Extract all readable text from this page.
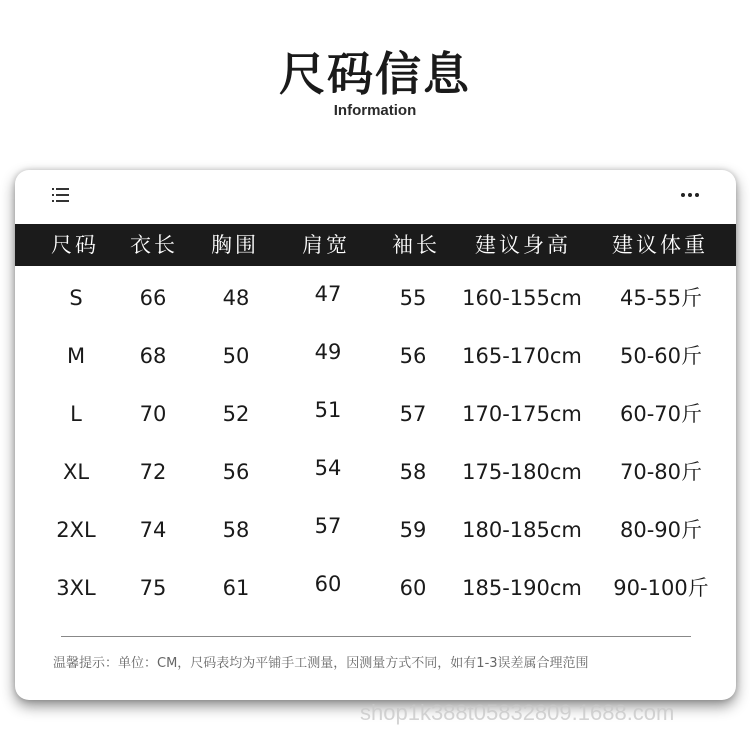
尺码信息
Information
尺码 衣长 胸围 肩宽 袖长 建议身高 建议体重
S	66	48	47	55 160-155cm 45-55斤
M	68	50	49	56 165-170cm 50-60斤
L	70	52	51	57 170-175cm 60-70斤
XL 72	56	54	58 175-180cm 70-80斤
2XL 74	58	57	59 180-185cm 80-90斤
3XL 75	61	60	60 185-190cm 90-100斤
温馨提示：单位：CM，尺码表均为平铺手工测量，因测量方式不同，如有1-3误差属合理范围
shop1k388t05832809.1688.com
